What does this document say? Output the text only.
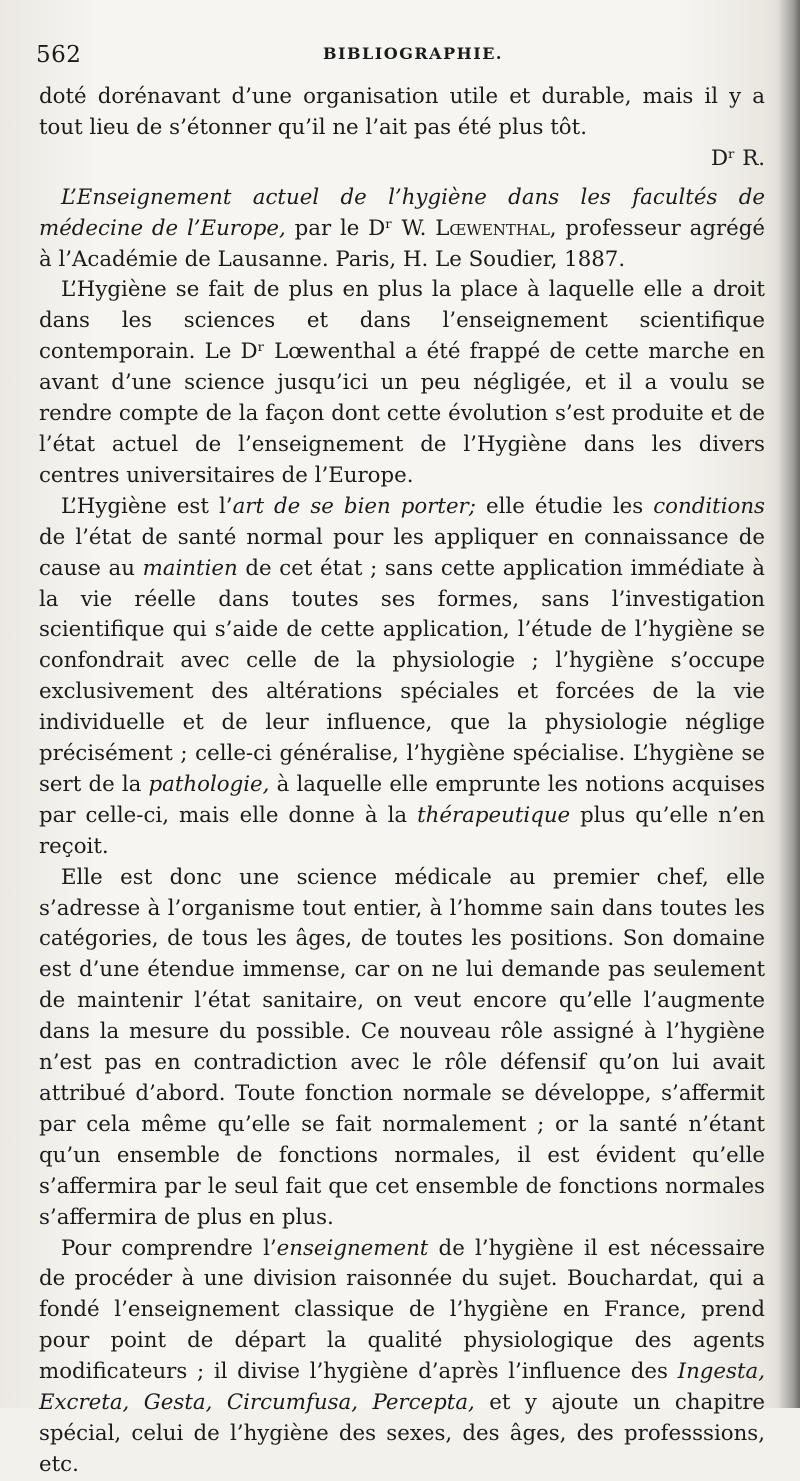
562	BIBLIOGRAPHIE.

doté dorénavant d’une organisation utile et durable, mais il y a tout lieu de s’étonner qu’il ne l’ait pas été plus tôt.

Dʳ R.

L’Enseignement actuel de l’hygiène dans les facultés de médecine de l’Europe, par le Dʳ W. Lœwenthal, professeur agrégé à l’Académie de Lausanne. Paris, H. Le Soudier, 1887.

L’Hygiène se fait de plus en plus la place à laquelle elle a droit dans les sciences et dans l’enseignement scientifique contemporain. Le Dʳ Lœwenthal a été frappé de cette marche en avant d’une science jusqu’ici un peu négligée, et il a voulu se rendre compte de la façon dont cette évolution s’est produite et de l’état actuel de l’enseignement de l’Hygiène dans les divers centres universitaires de l’Europe.

L’Hygiène est l’art de se bien porter; elle étudie les conditions de l’état de santé normal pour les appliquer en connaissance de cause au maintien de cet état ; sans cette application immédiate à la vie réelle dans toutes ses formes, sans l’investigation scientifique qui s’aide de cette application, l’étude de l’hygiène se confondrait avec celle de la physiologie ; l’hygiène s’occupe exclusivement des altérations spéciales et forcées de la vie individuelle et de leur influence, que la physiologie néglige précisément ; celle-ci généralise, l’hygiène spécialise. L’hygiène se sert de la pathologie, à laquelle elle emprunte les notions acquises par celle-ci, mais elle donne à la thérapeutique plus qu’elle n’en reçoit.

Elle est donc une science médicale au premier chef, elle s’adresse à l’organisme tout entier, à l’homme sain dans toutes les catégories, de tous les âges, de toutes les positions. Son domaine est d’une étendue immense, car on ne lui demande pas seulement de maintenir l’état sanitaire, on veut encore qu’elle l’augmente dans la mesure du possible. Ce nouveau rôle assigné à l’hygiène n’est pas en contradiction avec le rôle défensif qu’on lui avait attribué d’abord. Toute fonction normale se développe, s’affermit par cela même qu’elle se fait normalement ; or la santé n’étant qu’un ensemble de fonctions normales, il est évident qu’elle s’affermira par le seul fait que cet ensemble de fonctions normales s’affermira de plus en plus.

Pour comprendre l’enseignement de l’hygiène il est nécessaire de procéder à une division raisonnée du sujet. Bouchardat, qui a fondé l’enseignement classique de l’hygiène en France, prend pour point de départ la qualité physiologique des agents modificateurs ; il divise l’hygiène d’après l’influence des Ingesta, Excreta, Gesta, Circumfusa, Percepta, et y ajoute un chapitre spécial, celui de l’hygiène des sexes, des âges, des professsions, etc.
